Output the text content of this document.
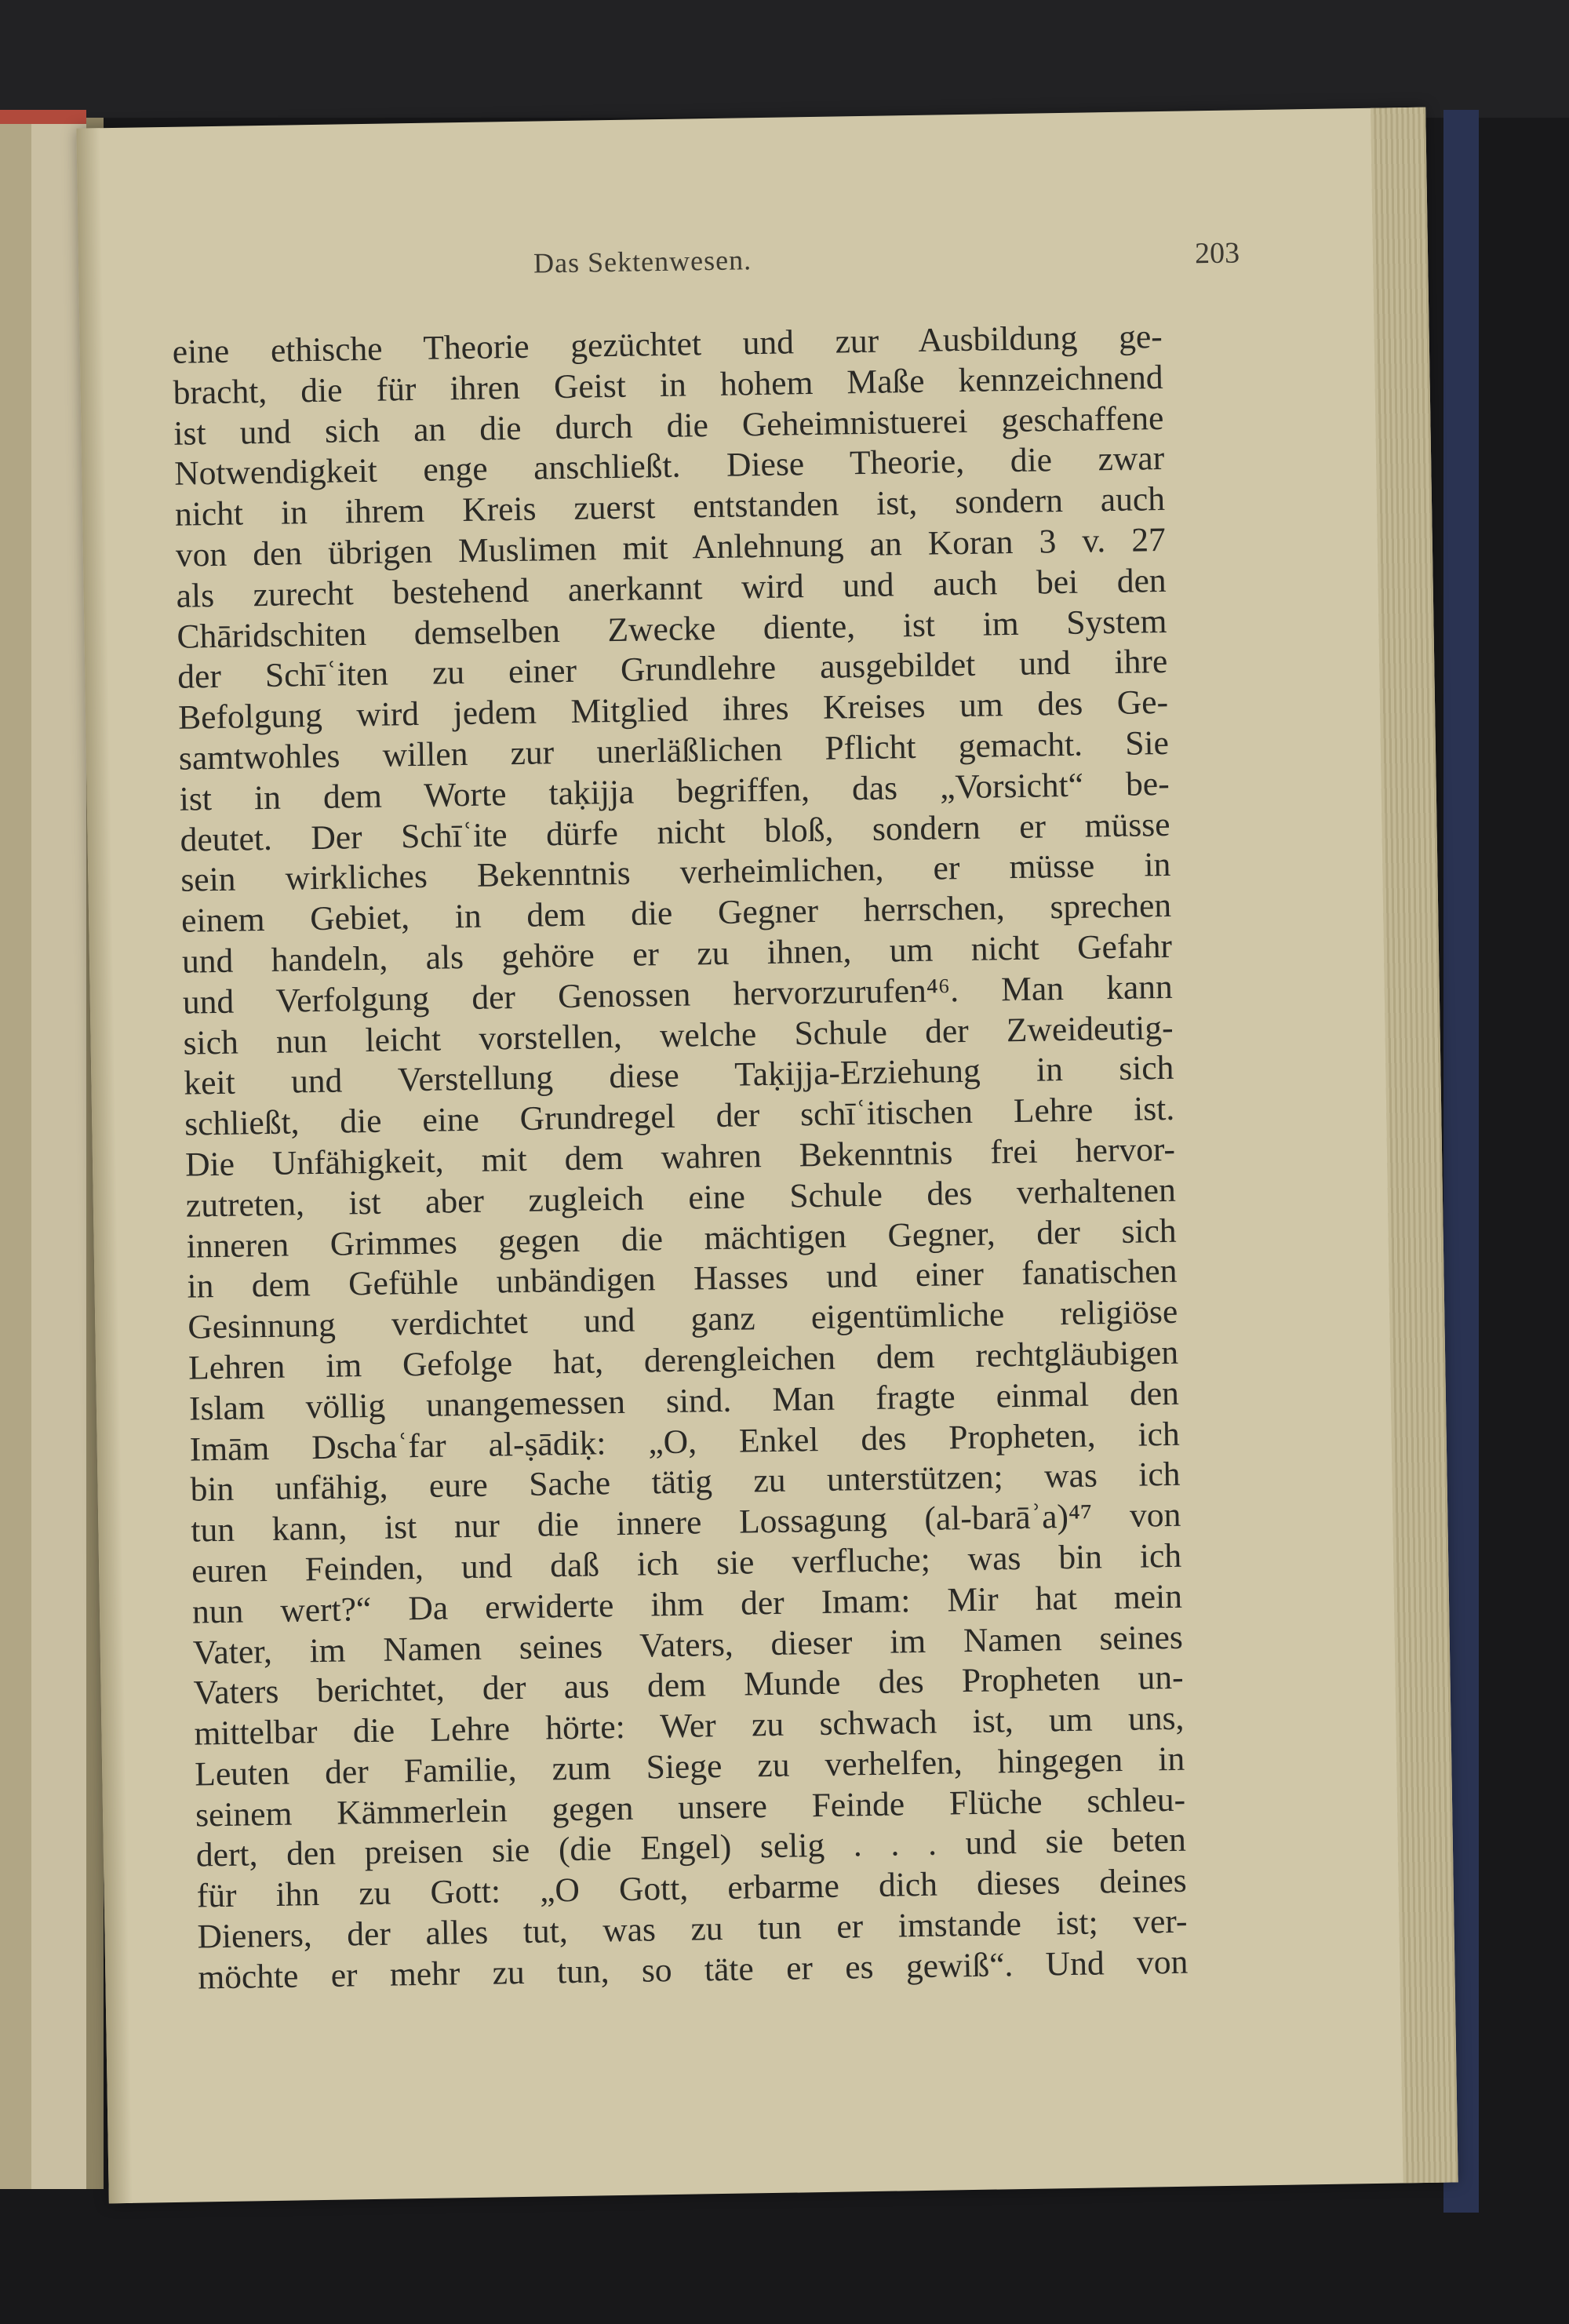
Das Sektenwesen.	203
eine ethische Theorie gezüchtet und zur Ausbildung ge-
bracht, die für ihren Geist in hohem Maße kennzeichnend
ist und sich an die durch die Geheimnistuerei geschaffene
Notwendigkeit enge anschließt. Diese Theorie, die zwar
nicht in ihrem Kreis zuerst entstanden ist, sondern auch
von den übrigen Muslimen mit Anlehnung an Koran 3 v. 27
als zurecht bestehend anerkannt wird und auch bei den
Chāridschiten demselben Zwecke diente, ist im System
der Schīʿiten zu einer Grundlehre ausgebildet und ihre
Befolgung wird jedem Mitglied ihres Kreises um des Ge-
samtwohles willen zur unerläßlichen Pflicht gemacht. Sie
ist in dem Worte taḳijja begriffen, das „Vorsicht“ be-
deutet. Der Schīʿite dürfe nicht bloß, sondern er müsse
sein wirkliches Bekenntnis verheimlichen, er müsse in
einem Gebiet, in dem die Gegner herrschen, sprechen
und handeln, als gehöre er zu ihnen, um nicht Gefahr
und Verfolgung der Genossen hervorzurufen⁴⁶. Man kann
sich nun leicht vorstellen, welche Schule der Zweideutig-
keit und Verstellung diese Taḳijja-Erziehung in sich
schließt, die eine Grundregel der schīʿitischen Lehre ist.
Die Unfähigkeit, mit dem wahren Bekenntnis frei hervor-
zutreten, ist aber zugleich eine Schule des verhaltenen
inneren Grimmes gegen die mächtigen Gegner, der sich
in dem Gefühle unbändigen Hasses und einer fanatischen
Gesinnung verdichtet und ganz eigentümliche religiöse
Lehren im Gefolge hat, derengleichen dem rechtgläubigen
Islam völlig unangemessen sind. Man fragte einmal den
Imām Dschaʿfar al-ṣādiḳ: „O, Enkel des Propheten, ich
bin unfähig, eure Sache tätig zu unterstützen; was ich
tun kann, ist nur die innere Lossagung (al-barāʾa)⁴⁷ von
euren Feinden, und daß ich sie verfluche; was bin ich
nun wert?“ Da erwiderte ihm der Imam: Mir hat mein
Vater, im Namen seines Vaters, dieser im Namen seines
Vaters berichtet, der aus dem Munde des Propheten un-
mittelbar die Lehre hörte: Wer zu schwach ist, um uns,
Leuten der Familie, zum Siege zu verhelfen, hingegen in
seinem Kämmerlein gegen unsere Feinde Flüche schleu-
dert, den preisen sie (die Engel) selig . . . und sie beten
für ihn zu Gott: „O Gott, erbarme dich dieses deines
Dieners, der alles tut, was zu tun er imstande ist; ver-
möchte er mehr zu tun, so täte er es gewiß“. Und von
